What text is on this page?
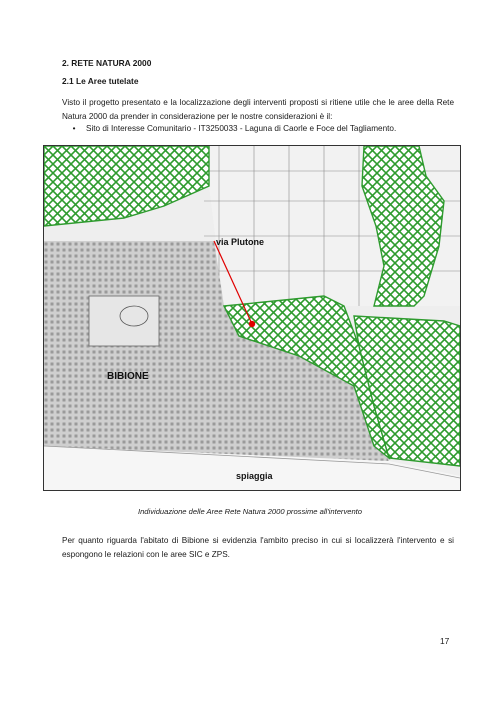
2. RETE NATURA 2000
2.1 Le Aree tutelate
Visto il progetto presentato e la localizzazione degli interventi proposti si ritiene utile che le aree della Rete Natura 2000 da prender in considerazione per le nostre considerazioni è il:
• Sito di Interesse Comunitario - IT3250033 - Laguna di Caorle e Foce del Tagliamento.
via Plutone
BIBIONE
spiaggia
Individuazione delle Aree Rete Natura 2000 prossime all'intervento
Per quanto riguarda l'abitato di Bibione si evidenzia l'ambito preciso in cui si localizzerà l'intervento e si espongono le relazioni con le aree SIC e ZPS.
17
